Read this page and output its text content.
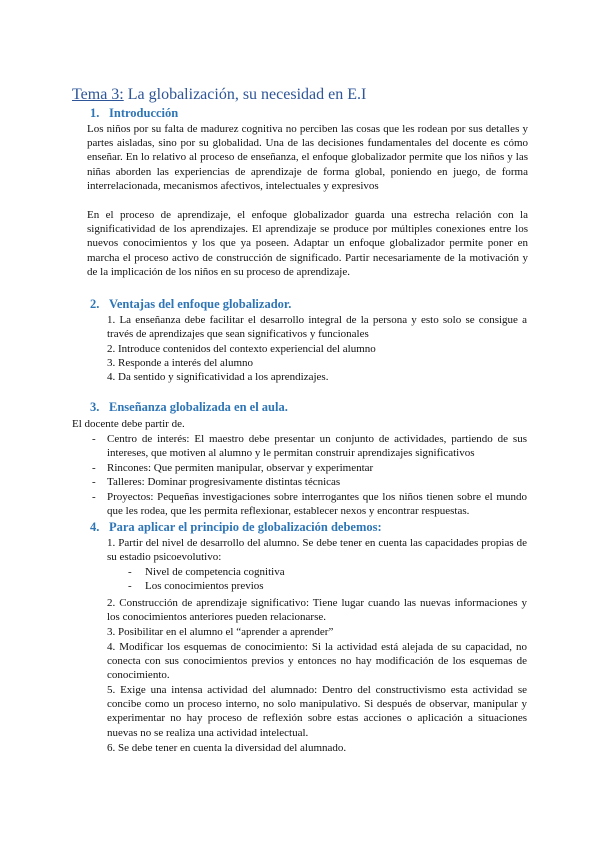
Tema 3: La globalización, su necesidad en E.I
1. Introducción

Los niños por su falta de madurez cognitiva no perciben las cosas que les rodean por sus detalles y partes aisladas, sino por su globalidad. Una de las decisiones fundamentales del docente es cómo enseñar. En lo relativo al proceso de enseñanza, el enfoque globalizador permite que los niños y las niñas aborden las experiencias de aprendizaje de forma global, poniendo en juego, de forma interrelacionada, mecanismos afectivos, intelectuales y expresivos

En el proceso de aprendizaje, el enfoque globalizador guarda una estrecha relación con la significatividad de los aprendizajes. El aprendizaje se produce por múltiples conexiones entre los nuevos conocimientos y los que ya poseen. Adaptar un enfoque globalizador permite poner en marcha el proceso activo de construcción de significado. Partir necesariamente de la motivación y de la implicación de los niños en su proceso de aprendizaje.

2. Ventajas del enfoque globalizador.

1. La enseñanza debe facilitar el desarrollo integral de la persona y esto solo se consigue a través de aprendizajes que sean significativos y funcionales

2. Introduce contenidos del contexto experiencial del alumno

3. Responde a interés del alumno

4. Da sentido y significatividad a los aprendizajes.

3. Enseñanza globalizada en el aula.

El docente debe partir de.

- Centro de interés: El maestro debe presentar un conjunto de actividades, partiendo de sus intereses, que motiven al alumno y le permitan construir aprendizajes significativos

- Rincones: Que permiten manipular, observar y experimentar

- Talleres: Dominar progresivamente distintas técnicas

- Proyectos: Pequeñas investigaciones sobre interrogantes que los niños tienen sobre el mundo que les rodea, que les permita reflexionar, establecer nexos y encontrar respuestas.

4. Para aplicar el principio de globalización debemos:

1. Partir del nivel de desarrollo del alumno. Se debe tener en cuenta las capacidades propias de su estadio psicoevolutivo:

- Nivel de competencia cognitiva

- Los conocimientos previos

2. Construcción de aprendizaje significativo: Tiene lugar cuando las nuevas informaciones y los conocimientos anteriores pueden relacionarse.

3. Posibilitar en el alumno el “aprender a aprender”

4. Modificar los esquemas de conocimiento: Si la actividad está alejada de su capacidad, no conecta con sus conocimientos previos y entonces no hay modificación de los esquemas de conocimiento.

5. Exige una intensa actividad del alumnado: Dentro del constructivismo esta actividad se concibe como un proceso interno, no solo manipulativo. Si después de observar, manipular y experimentar no hay proceso de reflexión sobre estas acciones o aplicación a situaciones nuevas no se realiza una actividad intelectual.

6. Se debe tener en cuenta la diversidad del alumnado.
